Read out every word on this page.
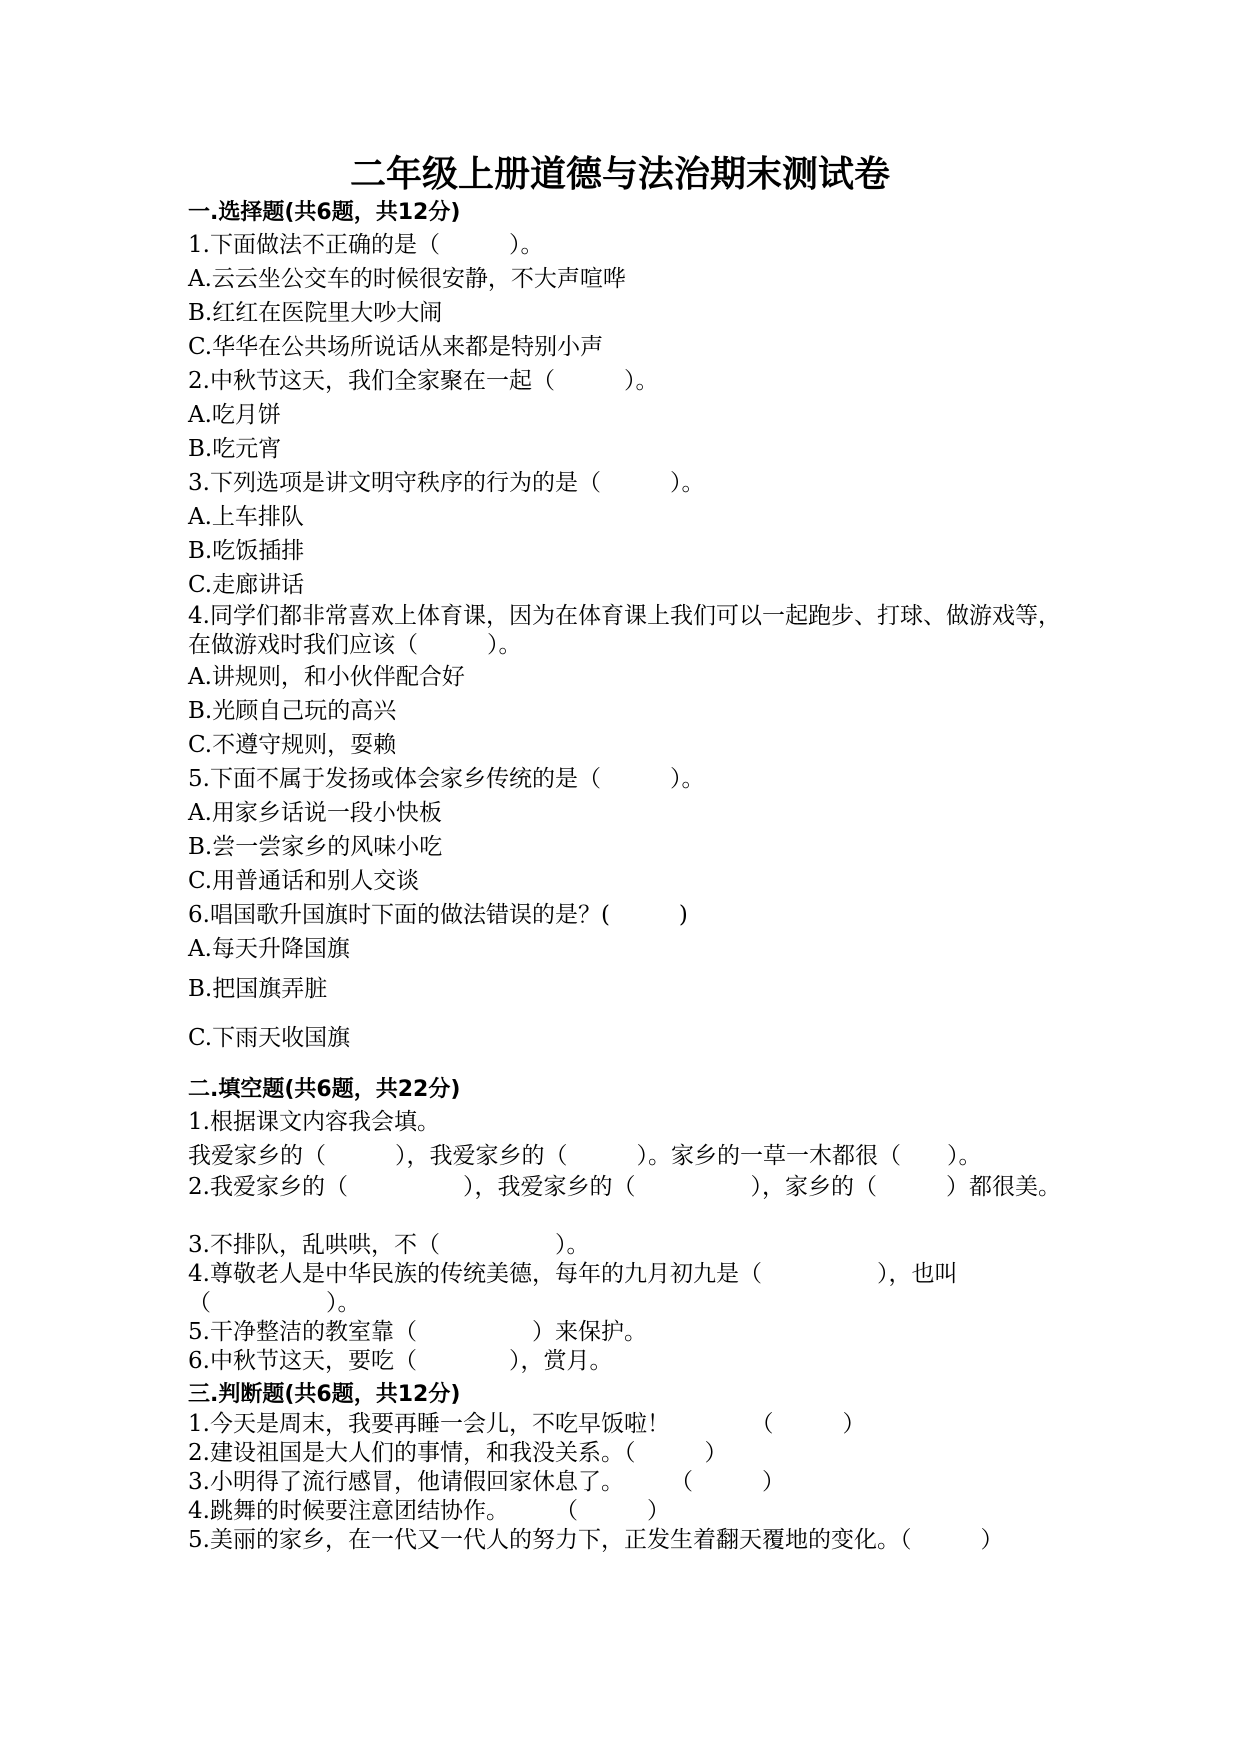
二年级上册道德与法治期末测试卷
一.选择题(共6题，共12分)
1.下面做法不正确的是（　　　）。
A.云云坐公交车的时候很安静，不大声喧哗
B.红红在医院里大吵大闹
C.华华在公共场所说话从来都是特别小声
2.中秋节这天，我们全家聚在一起（　　　）。
A.吃月饼
B.吃元宵
3.下列选项是讲文明守秩序的行为的是（　　　）。
A.上车排队
B.吃饭插排
C.走廊讲话
4.同学们都非常喜欢上体育课，因为在体育课上我们可以一起跑步、打球、做游戏等，在做游戏时我们应该（　　　）。
A.讲规则，和小伙伴配合好
B.光顾自己玩的高兴
C.不遵守规则，耍赖
5.下面不属于发扬或体会家乡传统的是（　　　）。
A.用家乡话说一段小快板
B.尝一尝家乡的风味小吃
C.用普通话和别人交谈
6.唱国歌升国旗时下面的做法错误的是？(　　　)
A.每天升降国旗
B.把国旗弄脏
C.下雨天收国旗
二.填空题(共6题，共22分)
1.根据课文内容我会填。
我爱家乡的（　　　），我爱家乡的（　　　）。家乡的一草一木都很（　　）。
2.我爱家乡的（　　　　　），我爱家乡的（　　　　　），家乡的（　　　）都很美。
3.不排队，乱哄哄，不（　　　　　）。
4.尊敬老人是中华民族的传统美德，每年的九月初九是（　　　　　），也叫（　　　　　）。
5.干净整洁的教室靠（　　　　　）来保护。
6.中秋节这天，要吃（　　　　），赏月。
三.判断题(共6题，共12分)
1.今天是周末，我要再睡一会儿，不吃早饭啦！　　　　（　　　）
2.建设祖国是大人们的事情，和我没关系。（　　　）
3.小明得了流行感冒，他请假回家休息了。　　　（　　　）
4.跳舞的时候要注意团结协作。　　　（　　　）
5.美丽的家乡，在一代又一代人的努力下，正发生着翻天覆地的变化。（　　　）
